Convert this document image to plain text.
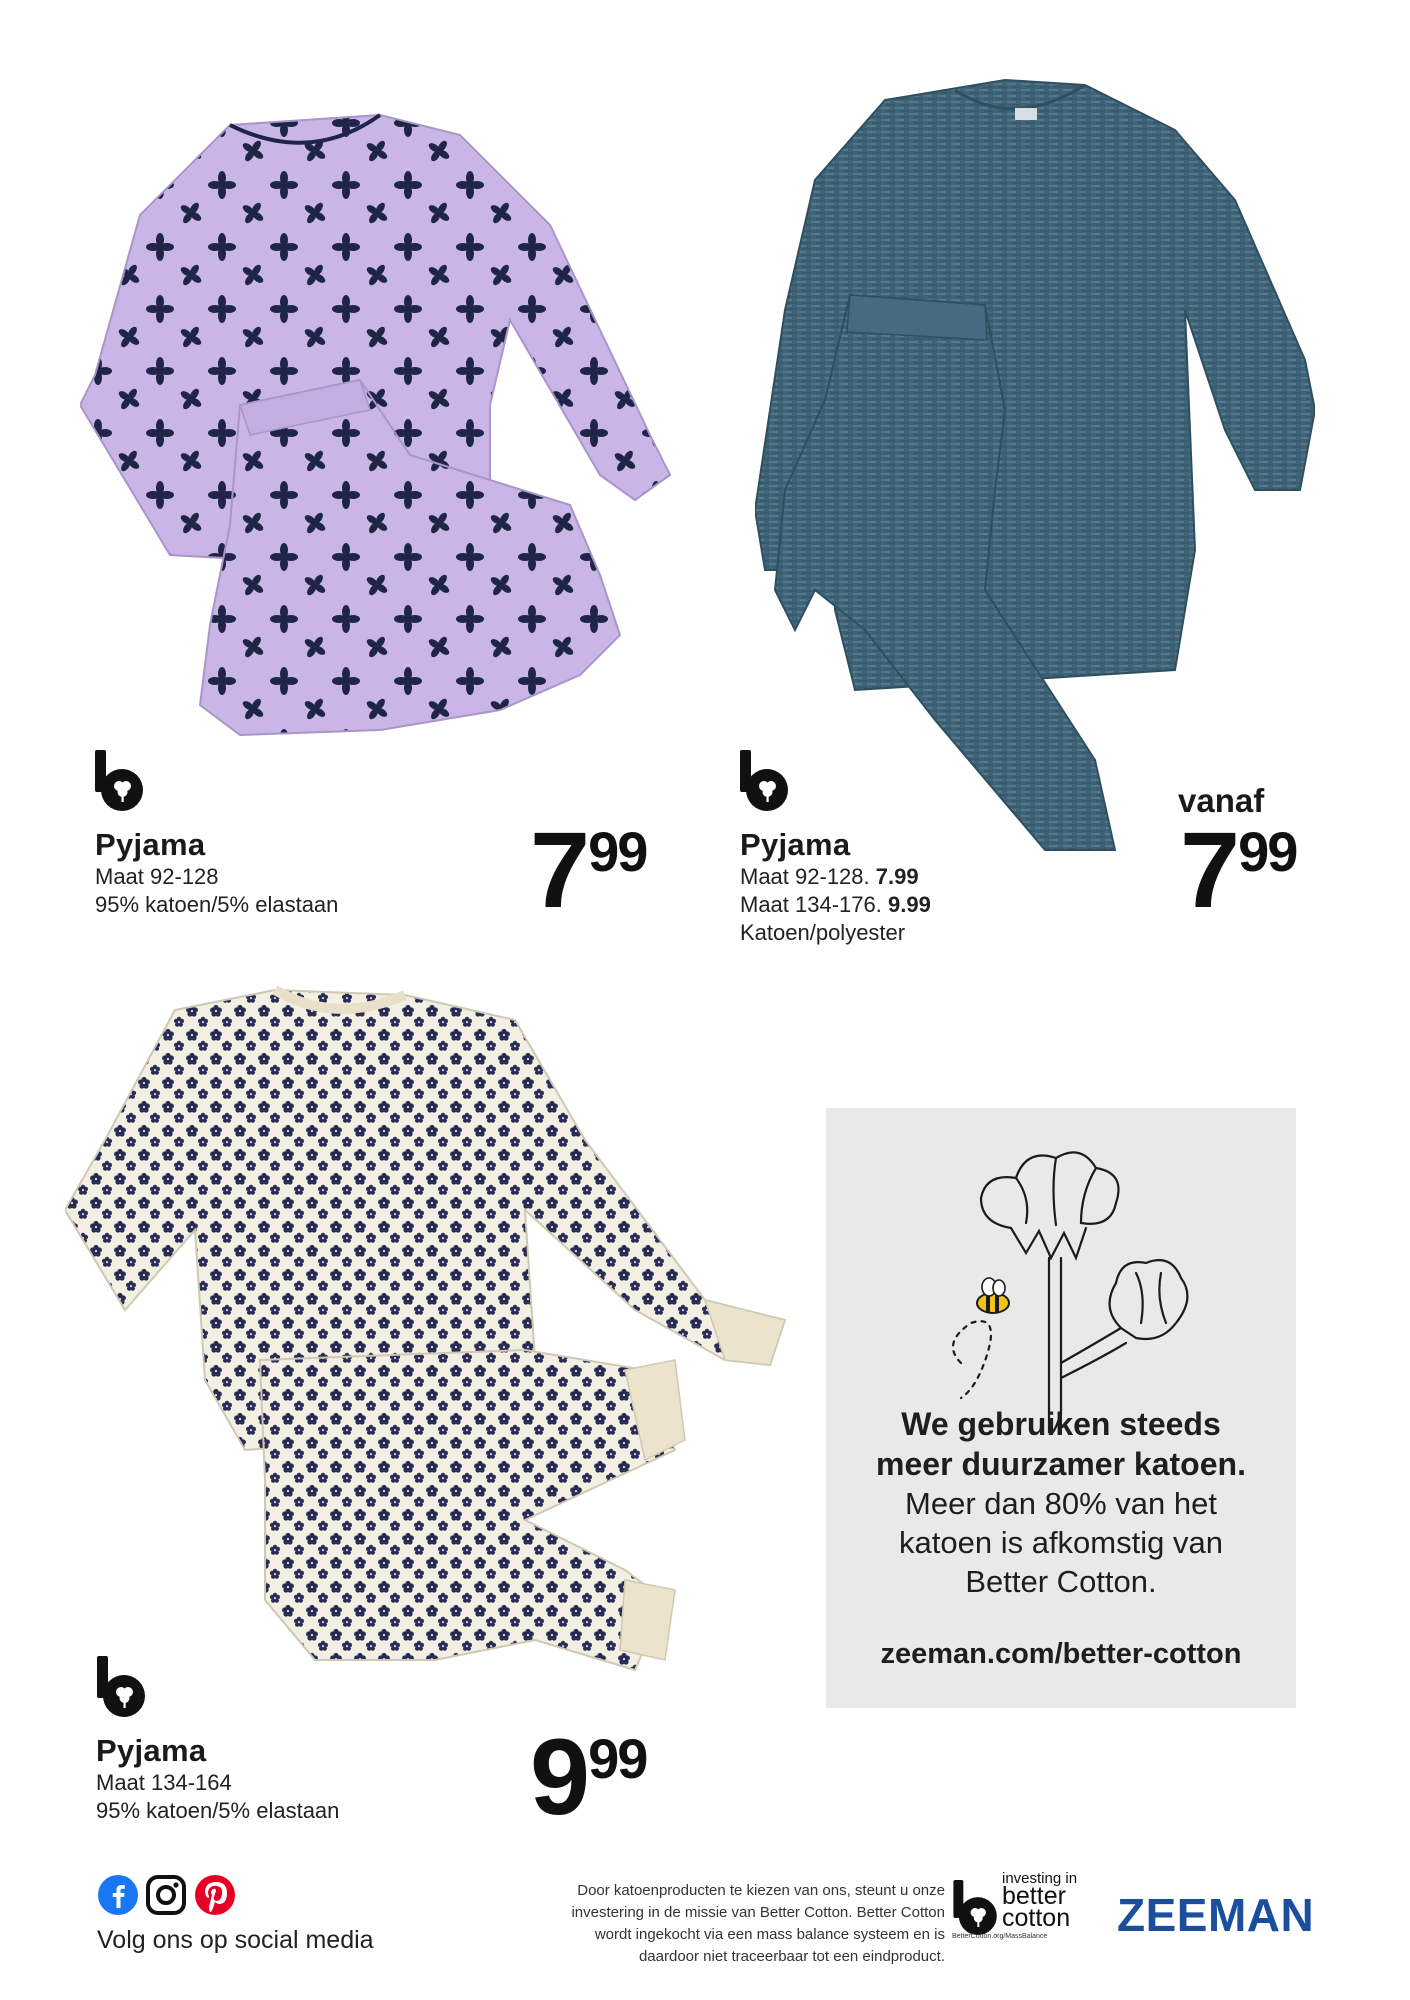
Pyjama
Maat 92-128
95% katoen/5% elastaan 799	Pyjama
Maat 92-128. 7.99
Maat 134-176. 9.99
Katoen/polyester
vanaf
799
Pyjama
Maat 134-164
95% katoen/5% elastaan 999
We gebruiken steeds
meer duurzamer katoen.
Meer dan 80% van het
katoen is afkomstig van
Better Cotton.
zeeman.com/better-cotton
Volg ons op social media
Door katoenproducten te kiezen van ons, steunt u onze
investering in de missie van Better Cotton. Better Cotton
wordt ingekocht via een mass balance systeem en is
daardoor niet traceerbaar tot een eindproduct.
investing in
better
cotton
BetterCotton.org/MassBalance ZEEMAN
